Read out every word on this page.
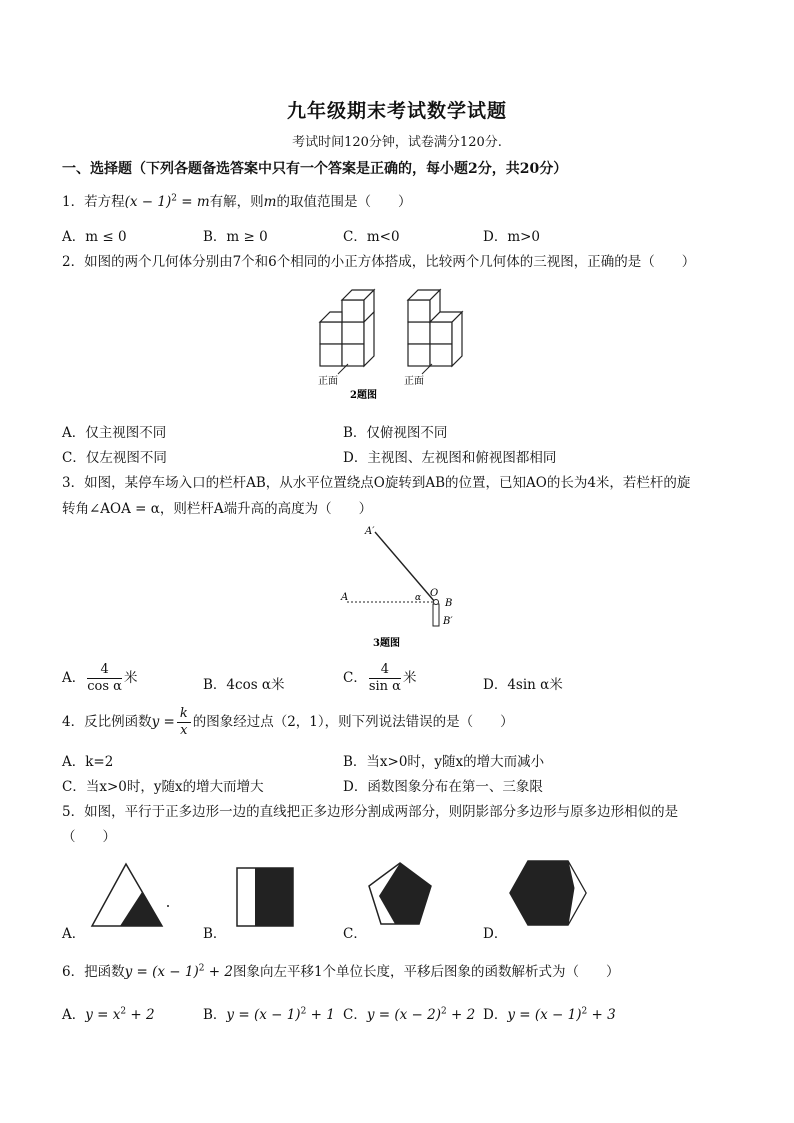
九年级期末考试数学试题
考试时间120分钟，试卷满分120分.
一、选择题（下列各题备选答案中只有一个答案是正确的，每小题2分，共20分）
1．若方程$(x - 1)^2 = m$有解，则m的取值范围是（　　）
A．m ≤ 0	B．m ≥ 0	C．m<0	D．m>0
2．如图的两个几何体分别由7个和6个相同的小正方体搭成，比较两个几何体的三视图，正确的是（　　）
正面	正面
2题图
A．仅主视图不同	B．仅俯视图不同
C．仅左视图不同	D．主视图、左视图和俯视图都相同
3．如图，某停车场入口的栏杆AB，从水平位置绕点O旋转到AB的位置，已知AO的长为4米，若栏杆的旋
转角∠AOA = α，则栏杆A端升高的高度为（　　）
A′
A	α O
B
B′
3题图
A． $\frac{4}{\text{cos α}}$ 米	B．4cos α米	C． $\frac{4}{\text{sin α}}$ 米	D．4sin α米
4．反比例函数$y = \frac{k}{x}$ 的图象经过点（2，1），则下列说法错误的是（　　）
A．k=2	B．当x>0时，y随x的增大而减小
C．当x>0时，y随x的增大而增大	D．函数图象分布在第一、三象限
5．如图，平行于正多边形一边的直线把正多边形分割成两部分，则阴影部分多边形与原多边形相似的是
（　　）
A．	B．	C．	D．
6．把函数$y = (x - 1)^2 + 2$图象向左平移1个单位长度，平移后图象的函数解析式为（　　）
A．$y = x^2 + 2$	B．$y = (x - 1)^2 + 1$ C．$y = (x - 2)^2 + 2$ D．$y = (x - 1)^2 + 3$
